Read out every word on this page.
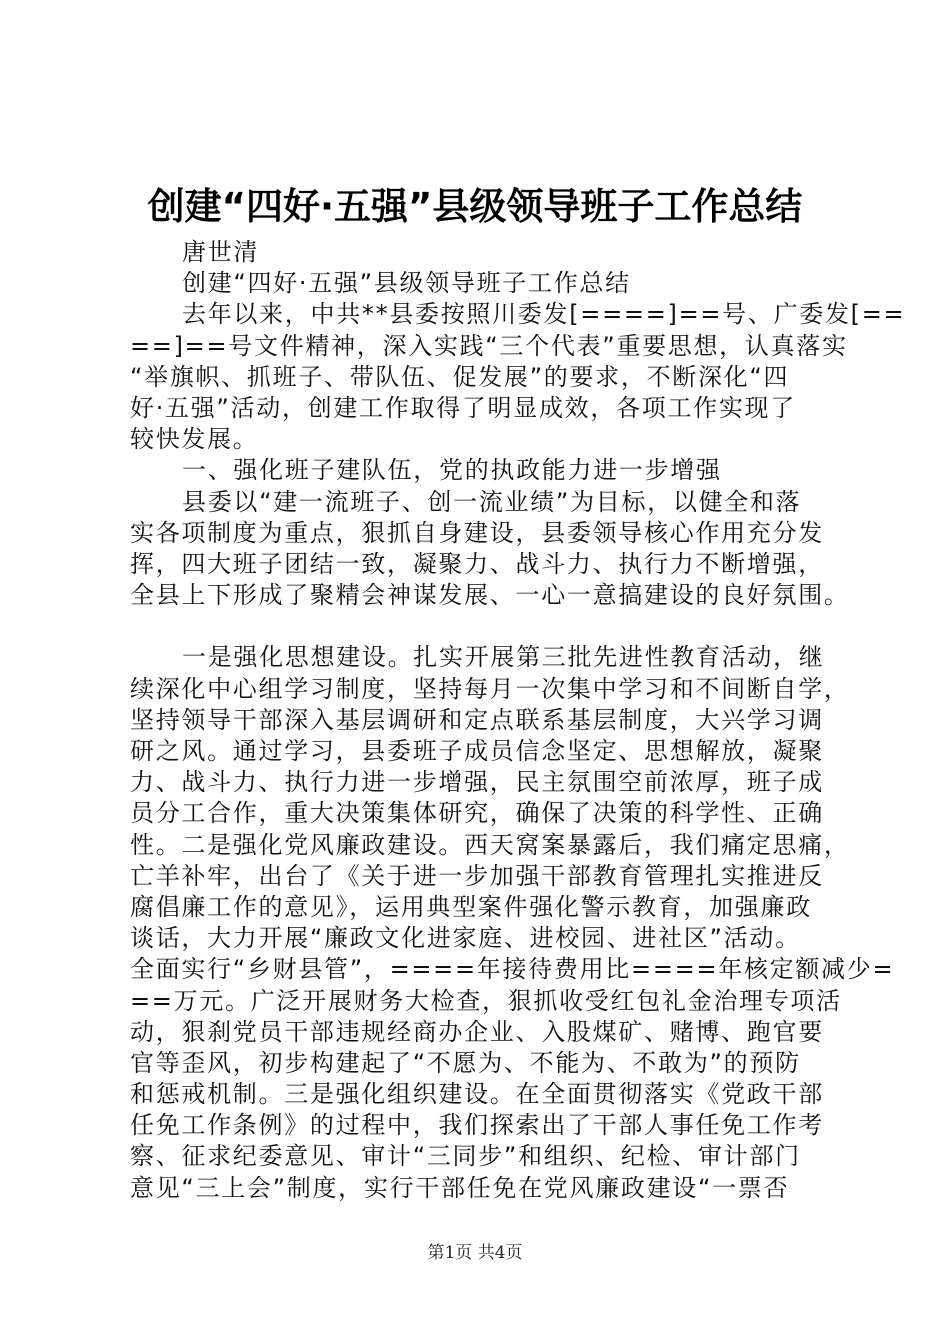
创建“四好·五强”县级领导班子工作总结
唐世清
创建“四好·五强”县级领导班子工作总结
去年以来，中共**县委按照川委发[====]==号、广委发[==
==]==号文件精神，深入实践“三个代表”重要思想，认真落实
“举旗帜、抓班子、带队伍、促发展”的要求，不断深化“四
好·五强”活动，创建工作取得了明显成效，各项工作实现了
较快发展。
一、强化班子建队伍，党的执政能力进一步增强
县委以“建一流班子、创一流业绩”为目标，以健全和落
实各项制度为重点，狠抓自身建设，县委领导核心作用充分发
挥，四大班子团结一致，凝聚力、战斗力、执行力不断增强，
全县上下形成了聚精会神谋发展、一心一意搞建设的良好氛围。
一是强化思想建设。扎实开展第三批先进性教育活动，继
续深化中心组学习制度，坚持每月一次集中学习和不间断自学，
坚持领导干部深入基层调研和定点联系基层制度，大兴学习调
研之风。通过学习，县委班子成员信念坚定、思想解放，凝聚
力、战斗力、执行力进一步增强，民主氛围空前浓厚，班子成
员分工合作，重大决策集体研究，确保了决策的科学性、正确
性。二是强化党风廉政建设。西天窝案暴露后，我们痛定思痛，
亡羊补牢，出台了《关于进一步加强干部教育管理扎实推进反
腐倡廉工作的意见》，运用典型案件强化警示教育，加强廉政
谈话，大力开展“廉政文化进家庭、进校园、进社区”活动。
全面实行“乡财县管”，====年接待费用比====年核定额减少=
==万元。广泛开展财务大检查，狠抓收受红包礼金治理专项活
动，狠刹党员干部违规经商办企业、入股煤矿、赌博、跑官要
官等歪风，初步构建起了“不愿为、不能为、不敢为”的预防
和惩戒机制。三是强化组织建设。在全面贯彻落实《党政干部
任免工作条例》的过程中，我们探索出了干部人事任免工作考
察、征求纪委意见、审计“三同步”和组织、纪检、审计部门
意见“三上会”制度，实行干部任免在党风廉政建设“一票否
第1页 共4页
